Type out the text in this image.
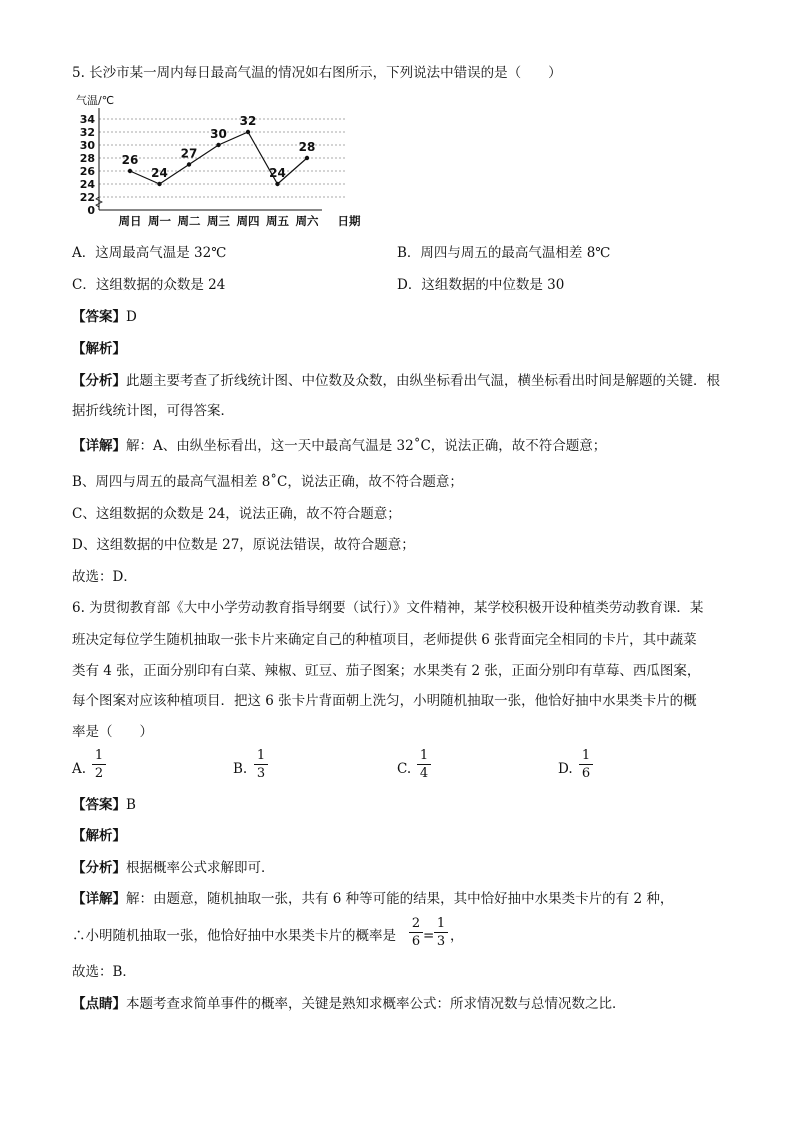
5. 长沙市某一周内每日最高气温的情况如右图所示，下列说法中错误的是（　　）
气温/℃
0
22
24
26
28
30
32
34
周日 周一 周二 周三 周四 周五 周六 日期
26
24
27
30
32
24
28
A．这周最高气温是 32℃	B．周四与周五的最高气温相差 8℃
C．这组数据的众数是 24	D．这组数据的中位数是 30
【答案】D
【解析】
【分析】此题主要考查了折线统计图、中位数及众数，由纵坐标看出气温，横坐标看出时间是解题的关键．根
据折线统计图，可得答案．
【详解】解：A、由纵坐标看出，这一天中最高气温是 32˚C，说法正确，故不符合题意；
B、周四与周五的最高气温相差 8˚C，说法正确，故不符合题意；
C、这组数据的众数是 24，说法正确，故不符合题意；
D、这组数据的中位数是 27，原说法错误，故符合题意；
故选：D．
6. 为贯彻教育部《大中小学劳动教育指导纲要（试行）》文件精神，某学校积极开设种植类劳动教育课．某
班决定每位学生随机抽取一张卡片来确定自己的种植项目，老师提供 6 张背面完全相同的卡片，其中蔬菜
类有 4 张，正面分别印有白菜、辣椒、豇豆、茄子图案；水果类有 2 张，正面分别印有草莓、西瓜图案，
每个图案对应该种植项目．把这 6 张卡片背面朝上洗匀，小明随机抽取一张，他恰好抽中水果类卡片的概
率是（　　）
A. $\frac{1}{2}$	B. $\frac{1}{3}$	C. $\frac{1}{4}$	D. $\frac{1}{6}$
【答案】B
【解析】
【分析】根据概率公式求解即可．
【详解】解：由题意，随机抽取一张，共有 6 种等可能的结果，其中恰好抽中水果类卡片的有 2 种，
∴小明随机抽取一张，他恰好抽中水果类卡片的概率是 $\frac{2}{6} = \frac{1}{3}$ ，
故选：B．
【点睛】本题考查求简单事件的概率，关键是熟知求概率公式：所求情况数与总情况数之比．
